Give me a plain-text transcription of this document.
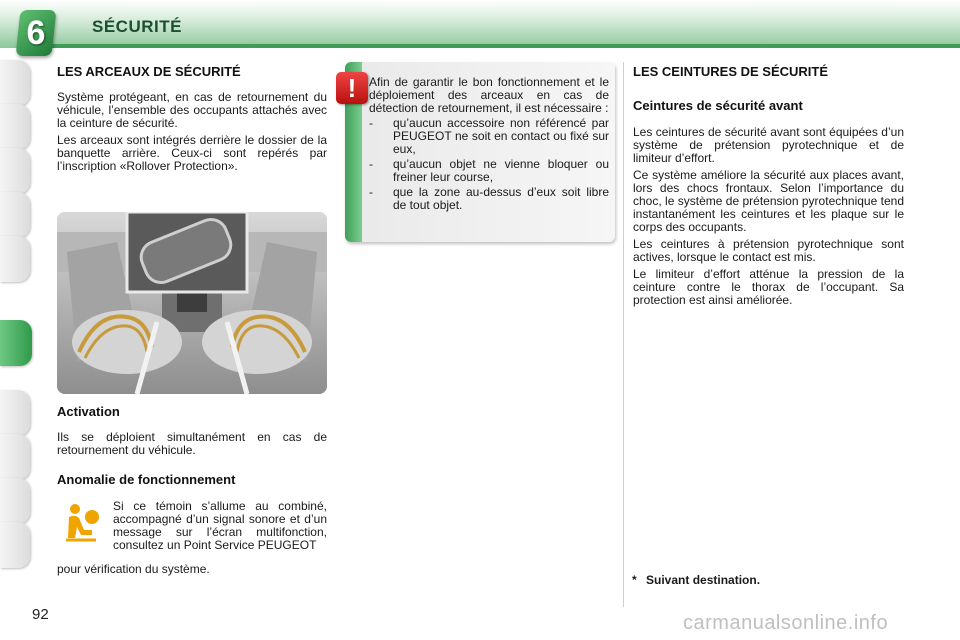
6	SÉCURITÉ
LES ARCEAUX DE SÉCURITÉ

Système protégeant, en cas de retournement du véhicule, l’ensemble des occupants attachés avec la ceinture de sécurité.

Les arceaux sont intégrés derrière le dossier de la banquette arrière. Ceux-ci sont repérés par l’inscription «Rollover Protection».

Activation

Ils se déploient simultanément en cas de retournement du véhicule.

Anomalie de fonctionnement

Si ce témoin s’allume au combiné, accompagné d’un signal sonore et d’un message sur l’écran multifonction, consultez un Point Service PEUGEOT

pour vérification du système.

!	Afin de garantir le bon fonctionnement et le déploiement des arceaux en cas de détection de retournement, il est nécessaire :

-	qu’aucun accessoire non référencé par PEUGEOT ne soit en contact ou fixé sur eux,
-	qu’aucun objet ne vienne bloquer ou freiner leur course,
-	que la zone au-dessus d’eux soit libre de tout objet.
LES CEINTURES DE SÉCURITÉ
Ceintures de sécurité avant

Les ceintures de sécurité avant sont équipées d’un système de prétension pyrotechnique et de limiteur d’effort.

Ce système améliore la sécurité aux places avant, lors des chocs frontaux. Selon l’importance du choc, le système de prétension pyrotechnique tend instantanément les ceintures et les plaque sur le corps des occupants.

Les ceintures à prétension pyrotechnique sont actives, lorsque le contact est mis.

Le limiteur d’effort atténue la pression de la ceinture contre le thorax de l’occupant. Sa protection est ainsi améliorée.

* Suivant destination.
92	carmanualsonline.info
